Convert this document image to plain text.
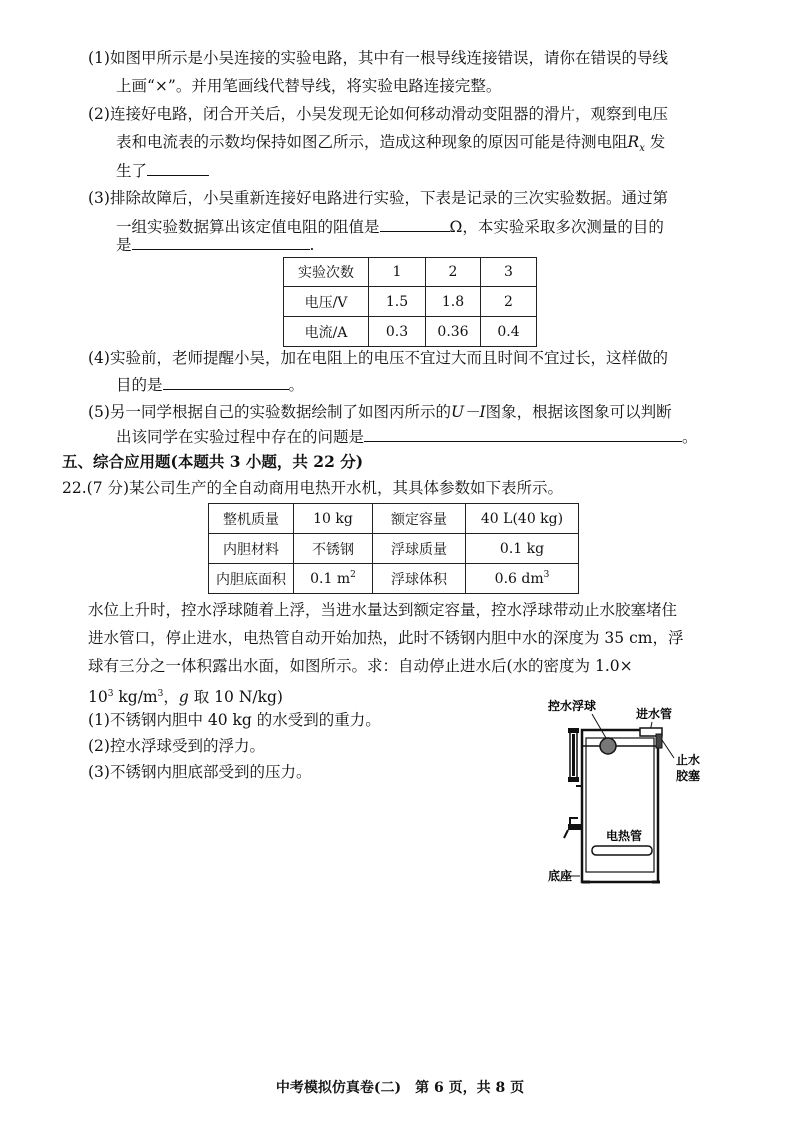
(1)如图甲所示是小吴连接的实验电路，其中有一根导线连接错误，请你在错误的导线
上画“×”。并用笔画线代替导线，将实验电路连接完整。
(2)连接好电路，闭合开关后，小吴发现无论如何移动滑动变阻器的滑片，观察到电压
表和电流表的示数均保持如图乙所示，造成这种现象的原因可能是待测电阻$R_x$ 发
生了
(3)排除故障后，小吴重新连接好电路进行实验，下表是记录的三次实验数据。通过第
一组实验数据算出该定值电阻的阻值是	Ω，本实验采取多次测量的目的
是	.
实验次数	1	2	3
电压/V	1.5	1.8	2
电流/A	0.3	0.36	0.4
(4)实验前，老师提醒小吴，加在电阻上的电压不宜过大而且时间不宜过长，这样做的
目的是	。
(5)另一同学根据自己的实验数据绘制了如图丙所示的U－I图象，根据该图象可以判断
出该同学在实验过程中存在的问题是	。
五、综合应用题(本题共 3 小题，共 22 分)
22.(7 分)某公司生产的全自动商用电热开水机，其具体参数如下表所示。
整机质量	10 kg	额定容量	40 L(40 kg)
内胆材料	不锈钢	浮球质量	0.1 kg
内胆底面积	0.1 $m^2$	浮球体积	0.6 $dm^3$
水位上升时，控水浮球随着上浮，当进水量达到额定容量，控水浮球带动止水胶塞堵住
进水管口，停止进水，电热管自动开始加热，此时不锈钢内胆中水的深度为 35 cm，浮
球有三分之一体积露出水面，如图所示。求：自动停止进水后(水的密度为 1.0×
$10^3$ $kg/m^3$，g 取 10 N/kg)
(1)不锈钢内胆中 40 kg 的水受到的重力。
(2)控水浮球受到的浮力。
(3)不锈钢内胆底部受到的压力。
控水浮球
进水管
止水
胶塞
电热管
底座
中考模拟仿真卷(二)　第 6 页，共 8 页
